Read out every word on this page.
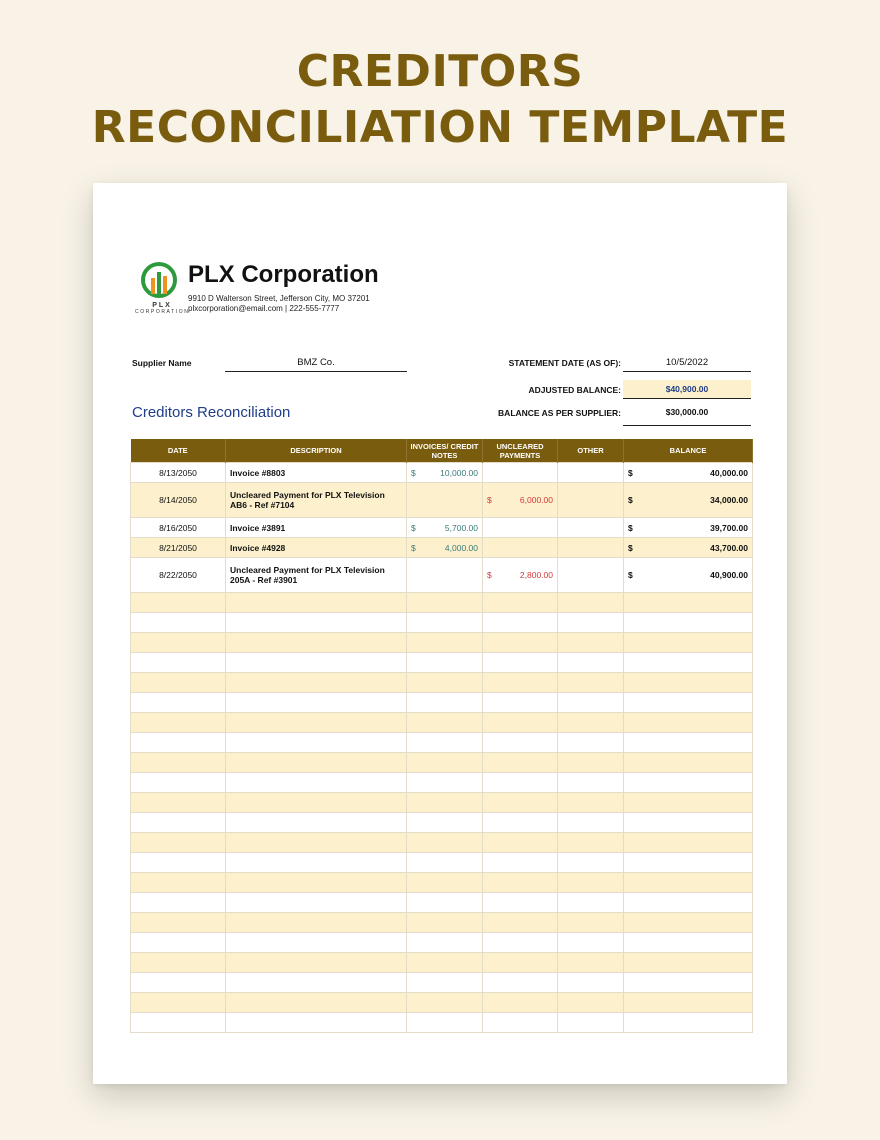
CREDITORS
RECONCILIATION TEMPLATE
PLX
CORPORATION
PLX Corporation
9910 D Walterson Street, Jefferson City, MO 37201
plxcorporation@email.com | 222-555-7777
Supplier Name	BMZ Co.	STATEMENT DATE (AS OF):	10/5/2022
ADJUSTED BALANCE:	$40,900.00
BALANCE AS PER SUPPLIER:	$30,000.00
Creditors Reconciliation
DATE	DESCRIPTION	INVOICES/ CREDIT NOTES	UNCLEARED PAYMENTS	OTHER	BALANCE
8/13/2050	Invoice #8803	$ 10,000.00			$ 40,000.00

8/14/2050	Uncleared Payment for PLX Television AB6 - Ref #7104		$ 6,000.00		$ 34,000.00

8/16/2050	Invoice #3891	$ 5,700.00			$ 39,700.00

8/21/2050	Invoice #4928	$ 4,000.00			$ 43,700.00

8/22/2050	Uncleared Payment for PLX Television 205A - Ref #3901		$ 2,800.00		$ 40,900.00
